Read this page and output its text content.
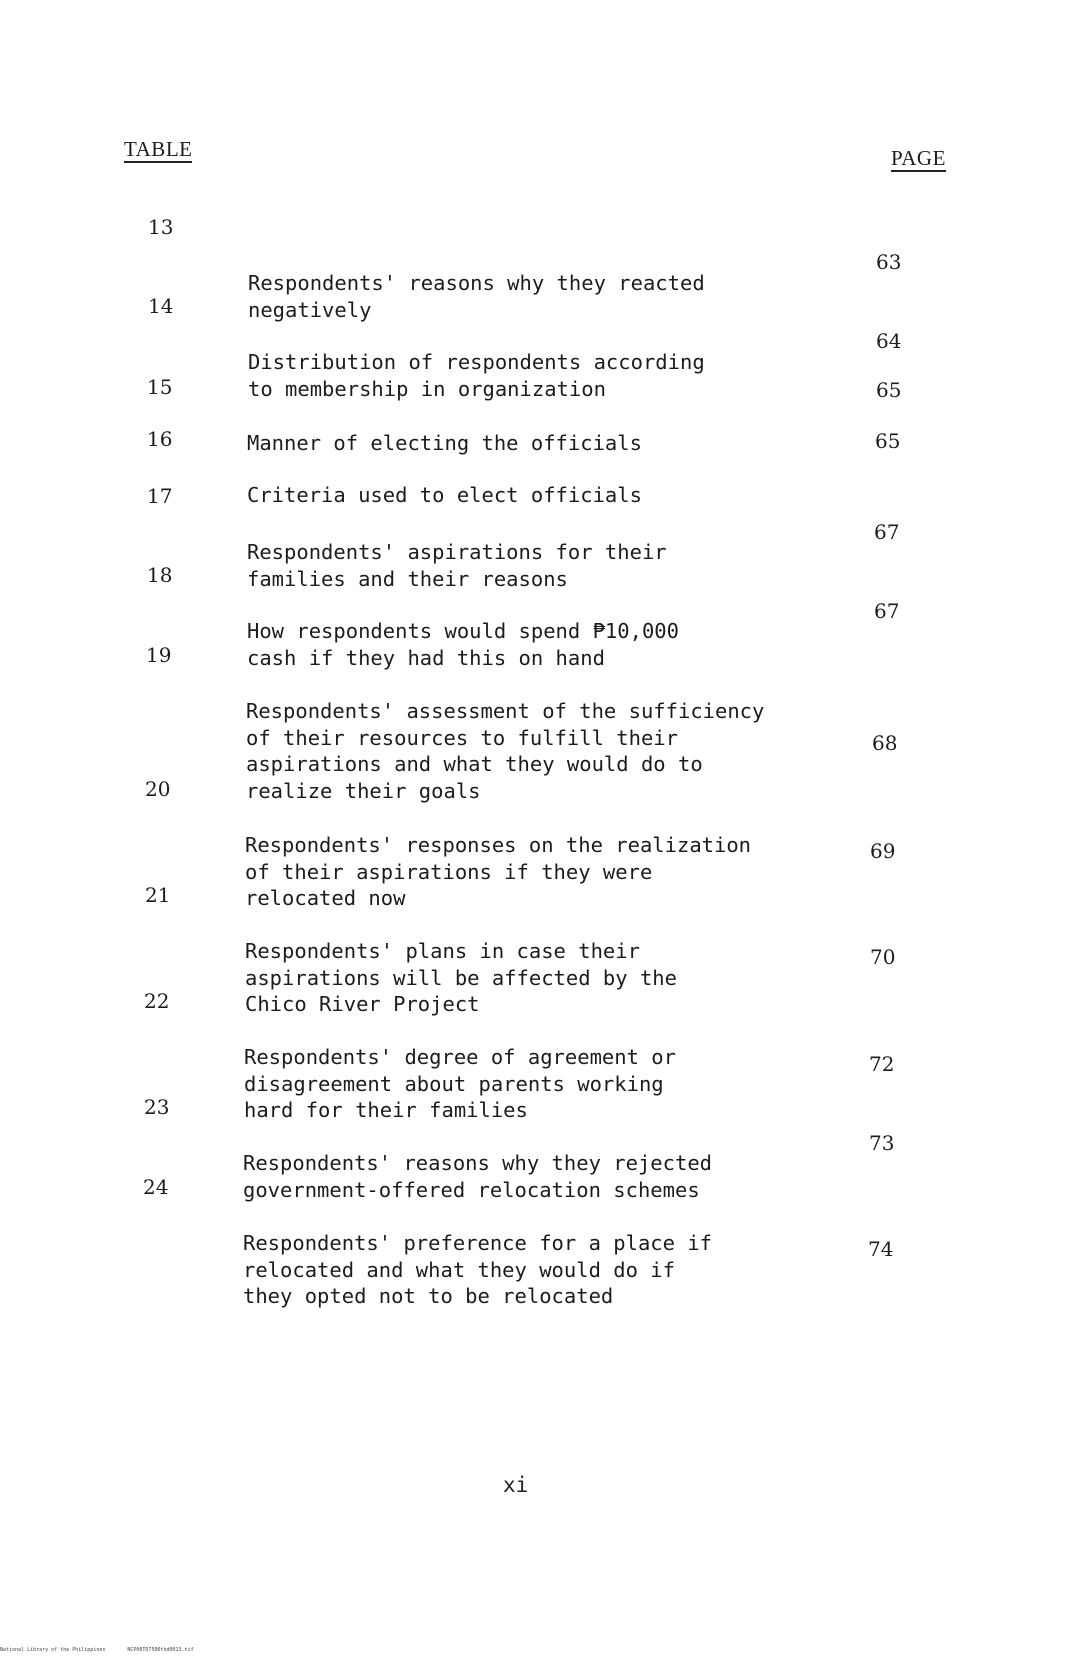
TABLE	PAGE
13

Respondents' reasons why they reacted
negatively

63
14

Distribution of respondents according
to membership in organization

64
15

Manner of electing the officials

65
16

Criteria used to elect officials

65
17

Respondents' aspirations for their
families and their reasons

67
18

How respondents would spend ₱10,000
cash if they had this on hand

67
19

Respondents' assessment of the sufficiency
of their resources to fulfill their
aspirations and what they would do to
realize their goals

68
20

Respondents' responses on the realization
of their aspirations if they were
relocated now

69
21

Respondents' plans in case their
aspirations will be affected by the
Chico River Project

70
22

Respondents' degree of agreement or
disagreement about parents working
hard for their families

72
23

Respondents' reasons why they rejected
government-offered relocation schemes

73
24

Respondents' preference for a place if
relocated and what they would do if
they opted not to be relocated

74
xi
National Library of the Philippines	NCP00TD7506thd0013.tif
